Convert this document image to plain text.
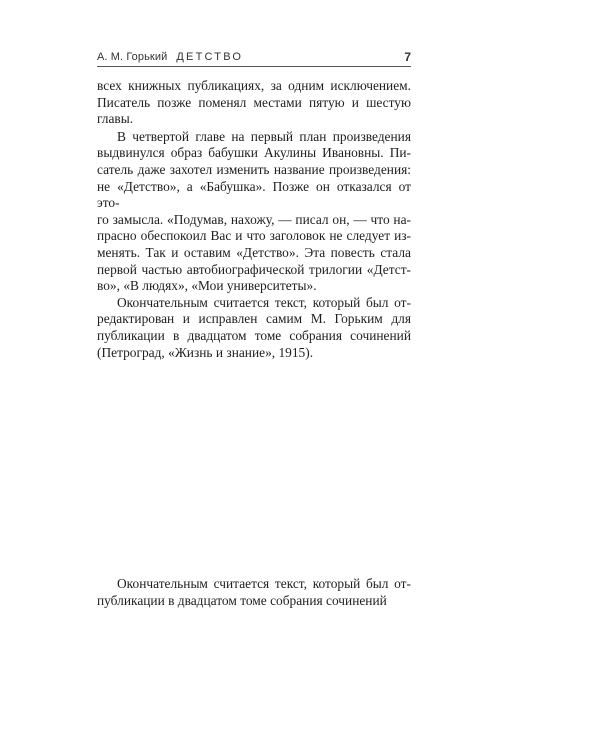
А. М. Горький ДЕТСТВО	7

всех книжных публикациях, за одним исключением.
Писатель позже поменял местами пятую и шестую
главы.

В четвертой главе на первый план произведения

выдвинулся образ бабушки Акулины Ивановны. Пи-
сатель даже захотел изменить название произведения:
не «Детство», а «Бабушка». Позже он отказался от это-
го замысла. «Подумав, нахожу, — писал он, — что на-
прасно обеспокоил Вас и что заголовок не следует из-
менять. Так и оставим «Детство». Эта повесть стала
первой частью автобиографической трилогии «Детст-
во», «В людях», «Мои университеты».

Окончательным считается текст, который был от-

редактирован и исправлен самим М. Горьким для
публикации в двадцатом томе собрания сочинений
(Петроград, «Жизнь и знание», 1915).

Окончательным считается текст, который был от-

публикации в двадцатом томе собрания сочинений
